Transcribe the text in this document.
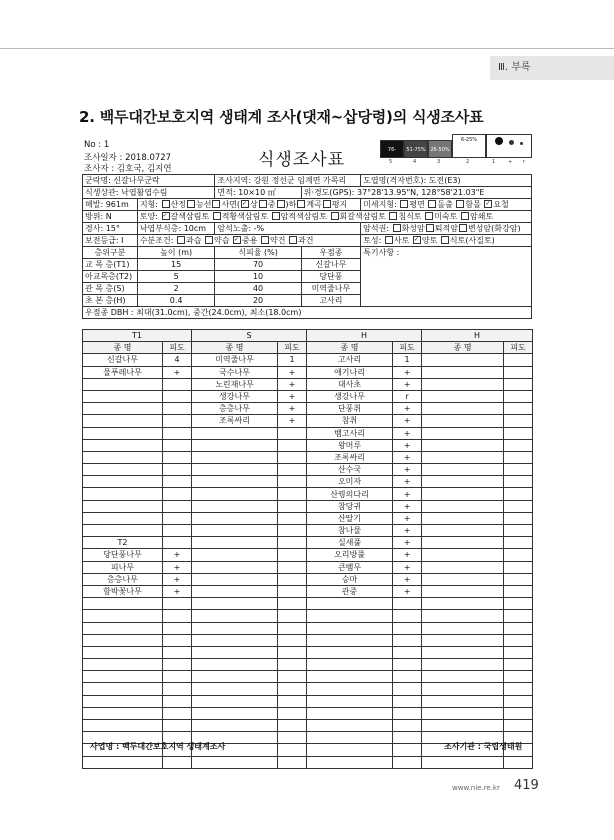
Ⅲ. 부록
2. 백두대간보호지역 생태계 조사(댓재~삽당령)의 식생조사표
No : 1
조사일자 : 2018.0727
조사자 : 김호국, 김지연	식생조사표	76-100%
51-75% 26-50%
6-25%
5	4	3	2	1	+ r
군락명: 신갈나무군락		조사지역: 강원 정선군 임계면 가목리		도엽명(격자번호): 도전(E3)
식생상관: 낙엽활엽수림		면적: 10×10 ㎡	위·경도(GPS): 37°28'13.95"N, 128°58'21.03"E	
해발: 961m	지형: 산정 능선 사면( ✓ 상 중 )하 계곡 평지			미세지형: 평면 돌출 함몰 ✓ 요철
방위: N	토양: ✓ 갈색삼림토 적황색삼림토 암적색삼림토 회갈색삼림토 침식토 미숙토 암쇄토
경사: 15°	낙엽부식층: 10cm	암석노출: -%		암석권: 화성암 퇴적암 변성암(화강암)
보전등급: Ⅰ	수분조건: 과습 약습 ✓ 중용 약건 과건			토성: 사토 ✓ 양토 식토(사질토)
층위구분	높이 (m)	식피율 (%)	우점종	특기사항 :
교 목 층(T1)	15	70	신갈나무	
아교목층(T2)	5	10	당단풍	
관 목 층(S)	2	40	미역줄나무	
초 본 층(H)	0.4	20	고사리	
우점종 DBH : 최대(31.0cm), 중간(24.0cm), 최소(18.0cm)				
T1		S		H		H	
종 명	피도	종 명	피도	종 명	피도	종 명	피도
신갈나무	4	미역줄나무	1	고사리	1		
물푸레나무	+	국수나무	+	애기나리	+		
		노린재나무	+	대사초	+		
		생강나무	+	생강나무	r		
		층층나무	+	단풍취	+		
		조록싸리	+	참취	+		
				뱀고사리	+		
				왕머루	+		
				조록싸리	+		
				산수국	+		
				오미자	+		
				산꿩의다리	+		
				참당귀	+		
				산딸기	+		
				참나물	+		
T2				실새풀	+		
당단풍나무	+			오리방풀	+		
피나무	+			큰뱀무	+		
층층나무	+			승마	+		
함박꽃나무	+			관중	+		

사업명 : 백두대간보호지역 생태계조사	조사기관 : 국립생태원
www.nie.re.kr 419
